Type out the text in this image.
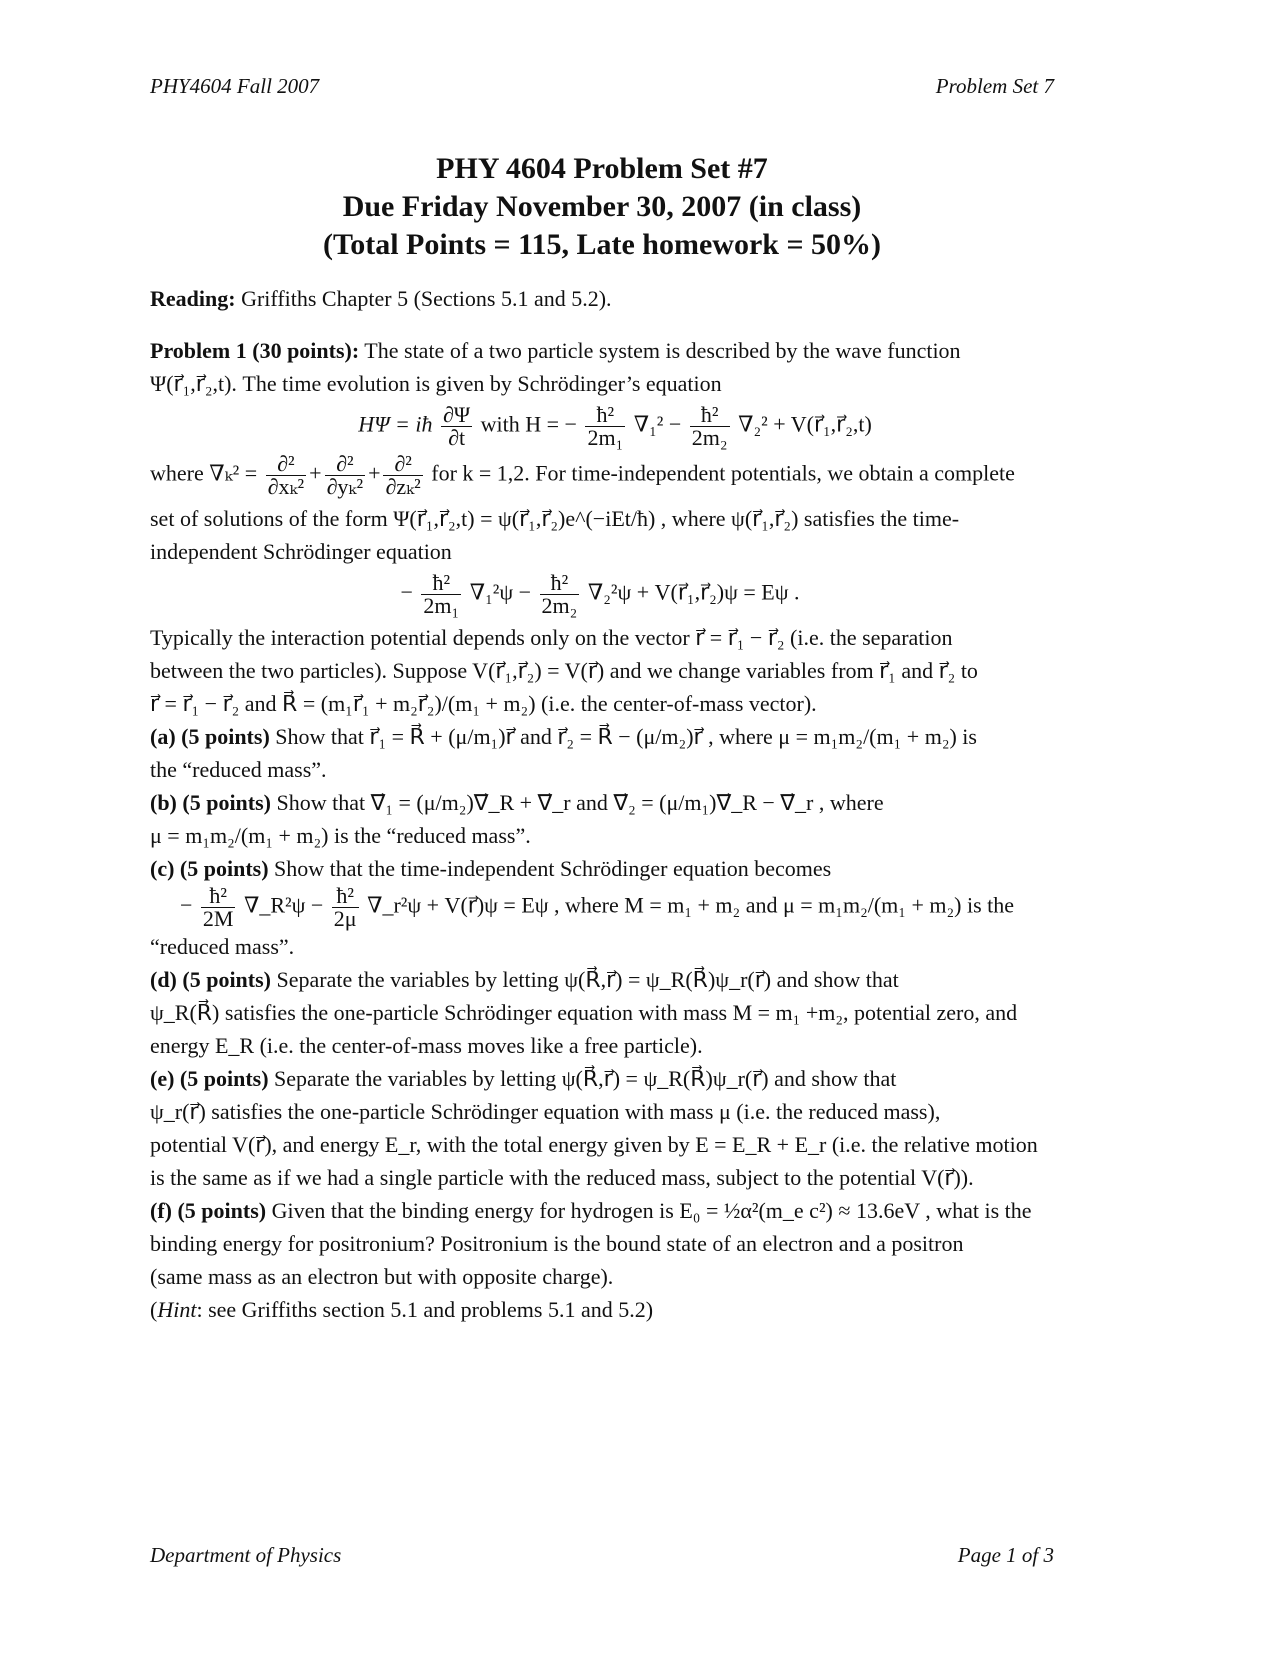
PHY4604 Fall 2007	Problem Set 7
PHY 4604 Problem Set #7
Due Friday November 30, 2007 (in class)
(Total Points = 115, Late homework = 50%)
Reading: Griffiths Chapter 5 (Sections 5.1 and 5.2).

Problem 1 (30 points): The state of a two particle system is described by the wave function

Ψ(r⃗₁,r⃗₂,t). The time evolution is given by Schrödinger’s equation

HΨ = iħ $\frac{\partial\Psi}{\partial t}$ with H = − $\frac{\text{ħ²}}{\text{2m₁}} \nabla_1^2 - \frac{\text{ħ²}}{\text{2m₂}} \nabla_2^2$ + V(r⃗₁,r⃗₂,t)

where $\nabla_k^2 = \frac{\text{∂²}}{\text{∂xₖ²}} + \frac{\text{∂²}}{\text{∂yₖ²}} + \frac{\text{∂²}}{\text{∂zₖ²}}$ for k = 1,2. For time-independent potentials, we obtain a complete

set of solutions of the form Ψ(r⃗₁,r⃗₂,t) = ψ(r⃗₁,r⃗₂)e^(−iEt/ħ) , where ψ(r⃗₁,r⃗₂) satisfies the time-

independent Schrödinger equation

− $\frac{\text{ħ²}}{\text{2m₁}} \nabla_1^2\psi - \frac{\text{ħ²}}{\text{2m₂}} \nabla_2^2\psi$ + V(r⃗₁,r⃗₂)ψ = Eψ .

Typically the interaction potential depends only on the vector r⃗ = r⃗₁ − r⃗₂ (i.e. the separation

between the two particles). Suppose V(r⃗₁,r⃗₂) = V(r⃗) and we change variables from r⃗₁ and r⃗₂ to

r⃗ = r⃗₁ − r⃗₂ and R⃗ = (m₁r⃗₁ + m₂r⃗₂)/(m₁ + m₂) (i.e. the center-of-mass vector).

(a) (5 points) Show that r⃗₁ = R⃗ + (μ/m₁)r⃗ and r⃗₂ = R⃗ − (μ/m₂)r⃗ , where μ = m₁m₂/(m₁ + m₂) is

the “reduced mass”.

(b) (5 points) Show that ∇⃗₁ = (μ/m₂)∇⃗_R + ∇⃗_r and ∇⃗₂ = (μ/m₁)∇⃗_R − ∇⃗_r , where

μ = m₁m₂/(m₁ + m₂) is the “reduced mass”.

(c) (5 points) Show that the time-independent Schrödinger equation becomes

− $\frac{\text{ħ²}}{2M}$ ∇_R²ψ − $\frac{\text{ħ²}}{2\mu}$ ∇_r²ψ + V(r⃗)ψ = Eψ , where M = m₁ + m₂ and μ = m₁m₂/(m₁ + m₂) is the

“reduced mass”.

(d) (5 points) Separate the variables by letting ψ(R⃗,r⃗) = ψ_R(R⃗)ψ_r(r⃗) and show that

ψ_R(R⃗) satisfies the one-particle Schrödinger equation with mass M = m₁ +m₂, potential zero, and

energy E_R (i.e. the center-of-mass moves like a free particle).

(e) (5 points) Separate the variables by letting ψ(R⃗,r⃗) = ψ_R(R⃗)ψ_r(r⃗) and show that

ψ_r(r⃗) satisfies the one-particle Schrödinger equation with mass μ (i.e. the reduced mass),

potential V(r⃗), and energy E_r, with the total energy given by E = E_R + E_r (i.e. the relative motion

is the same as if we had a single particle with the reduced mass, subject to the potential V(r⃗)).

(f) (5 points) Given that the binding energy for hydrogen is E₀ = ½α²(m_e c²) ≈ 13.6eV , what is the

binding energy for positronium? Positronium is the bound state of an electron and a positron

(same mass as an electron but with opposite charge).

(Hint: see Griffiths section 5.1 and problems 5.1 and 5.2)

Department of Physics	Page 1 of 3
